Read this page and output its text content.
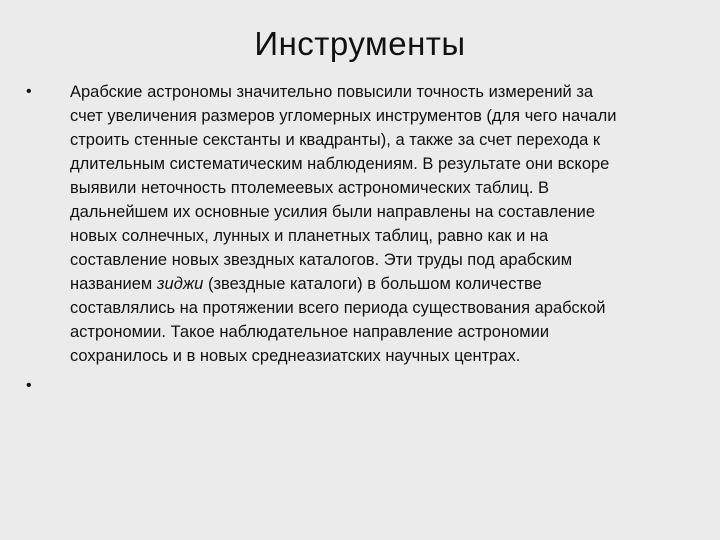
Инструменты
•	Арабские астрономы значительно повысили точность измерений за
счет увеличения размеров угломерных инструментов (для чего начали
строить стенные секстанты и квадранты), а также за счет перехода к
длительным систематическим наблюдениям. В результате они вскоре
выявили неточность птолемеевых астрономических таблиц. В
дальнейшем их основные усилия были направлены на составление
новых солнечных, лунных и планетных таблиц, равно как и на
составление новых звездных каталогов. Эти труды под арабским
названием зиджи (звездные каталоги) в большом количестве
составлялись на протяжении всего периода существования арабской
астрономии. Такое наблюдательное направление астрономии
сохранилось и в новых среднеазиатских научных центрах.
•
